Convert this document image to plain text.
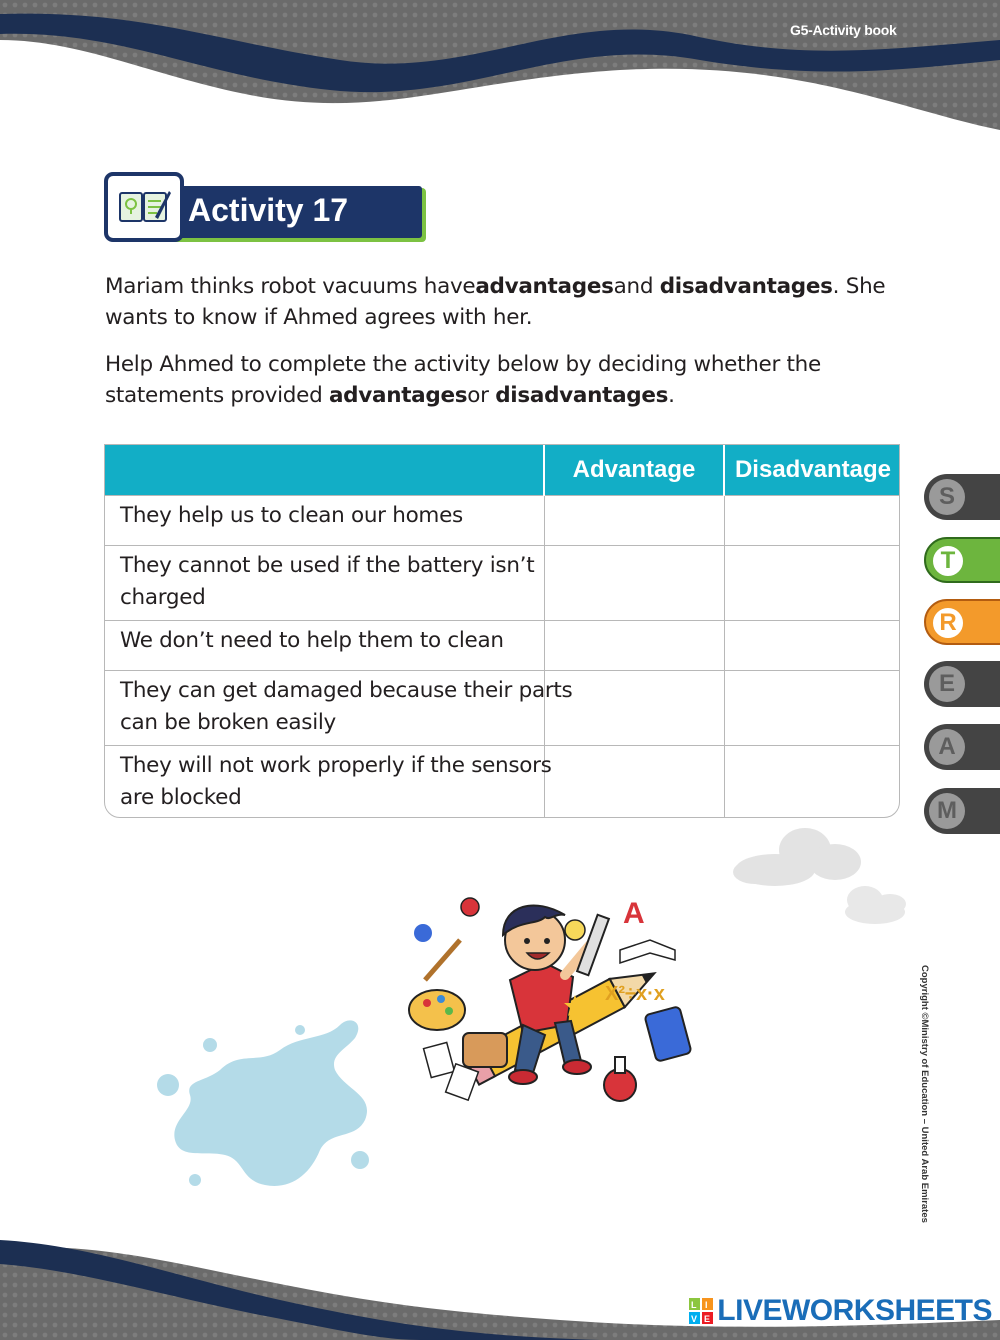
G5-Activity book
Activity 17
Mariam thinks robot vacuums haveadvantagesand disadvantages. She wants to know if Ahmed agrees with her.
Help Ahmed to complete the activity below by deciding whether the statements provided advantagesor disadvantages.
	Advantage	Disadvantage

They help us to clean our homes		

They cannot be used if the battery isn’t
charged		

We don’t need to help them to clean		

They can get damaged because their parts
can be broken easily		

They will not work properly if the sensors
are blocked		

S
T
R
E
A
M
A
X²÷x·x	Copyright ©Ministry of Education – United Arab Emirates
L I
V E LIVEWORKSHEETS
